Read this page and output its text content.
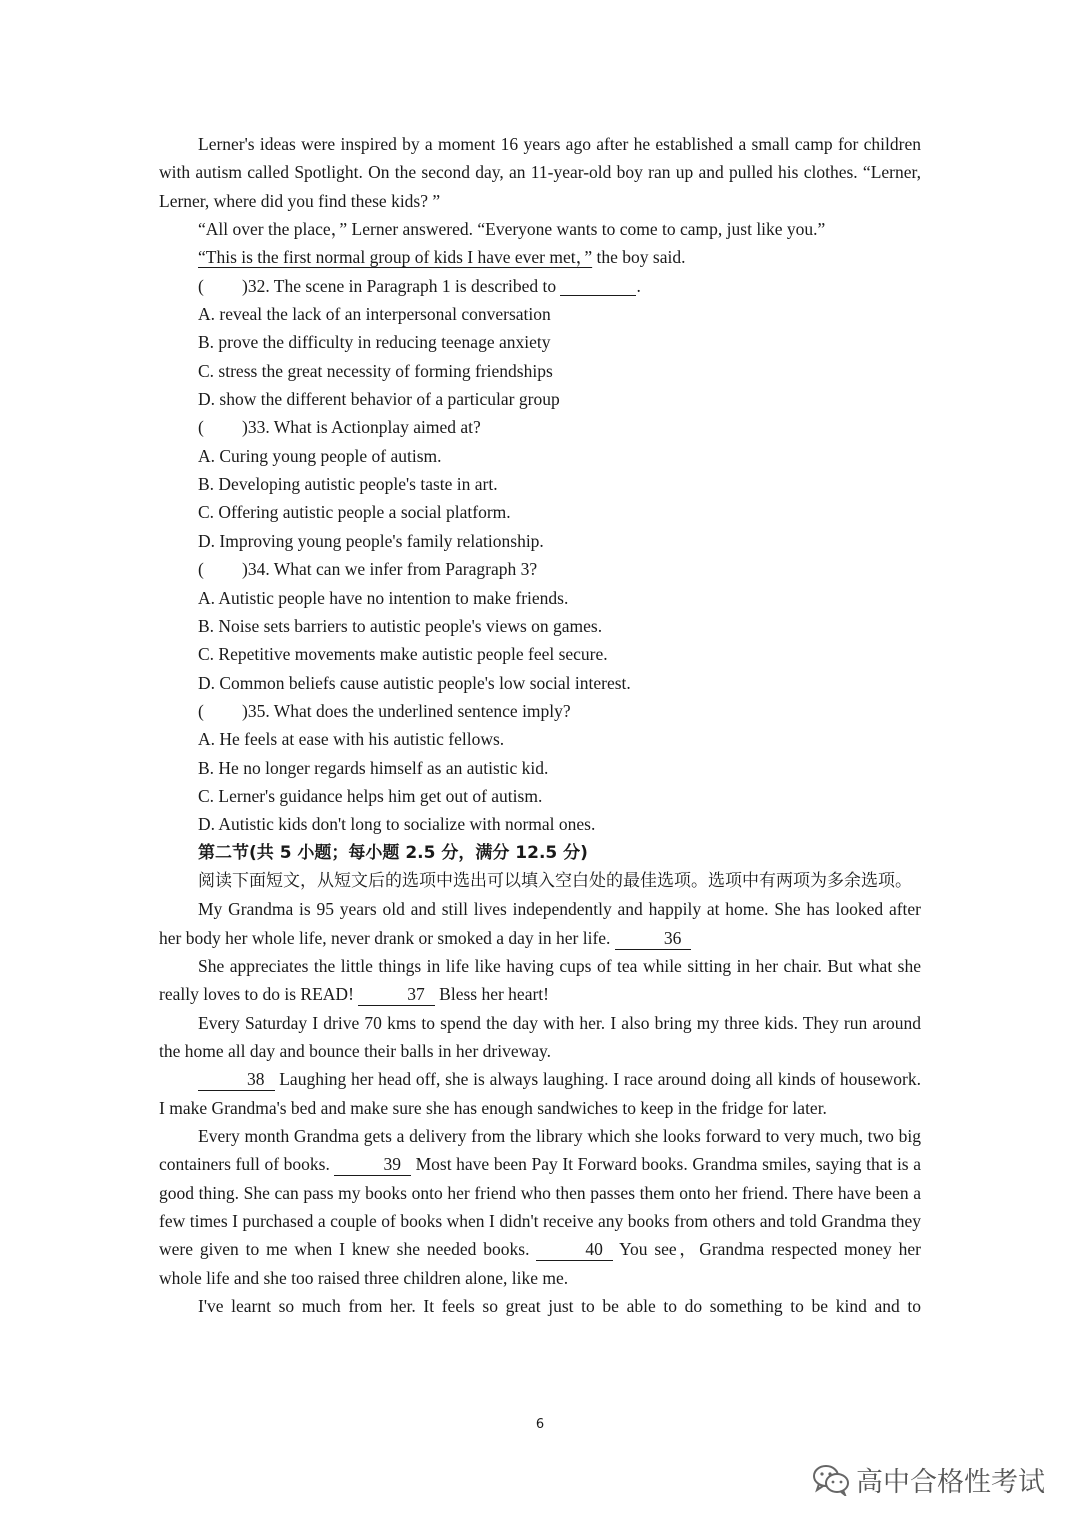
Lerner's ideas were inspired by a moment 16 years ago after he established a small camp for children with autism called Spotlight. On the second day, an 11-year-old boy ran up and pulled his clothes. “Lerner, Lerner, where did you find these kids? ”

“All over the place，” Lerner answered. “Everyone wants to come to camp, just like you.”

“This is the first normal group of kids I have ever met，” the boy said.

( )32. The scene in Paragraph 1 is described to	.

A. reveal the lack of an interpersonal conversation

B. prove the difficulty in reducing teenage anxiety

C. stress the great necessity of forming friendships

D. show the different behavior of a particular group

( )33. What is Actionplay aimed at?

A. Curing young people of autism.

B. Developing autistic people's taste in art.

C. Offering autistic people a social platform.

D. Improving young people's family relationship.

( )34. What can we infer from Paragraph 3?

A. Autistic people have no intention to make friends.

B. Noise sets barriers to autistic people's views on games.

C. Repetitive movements make autistic people feel secure.

D. Common beliefs cause autistic people's low social interest.

( )35. What does the underlined sentence imply?

A. He feels at ease with his autistic fellows.

B. He no longer regards himself as an autistic kid.

C. Lerner's guidance helps him get out of autism.

D. Autistic kids don't long to socialize with normal ones.

第二节(共 5 小题；每小题 2.5 分，满分 12.5 分)

阅读下面短文，从短文后的选项中选出可以填入空白处的最佳选项。选项中有两项为多余选项。

My Grandma is 95 years old and still lives independently and happily at home. She has looked after her body her whole life, never drank or smoked a day in her life.	36

She appreciates the little things in life like having cups of tea while sitting in her chair. But what she really loves to do is READ!	37 Bless her heart!

Every Saturday I drive 70 kms to spend the day with her. I also bring my three kids. They run around the home all day and bounce their balls in her driveway.

38 Laughing her head off, she is always laughing. I race around doing all kinds of housework. I make Grandma's bed and make sure she has enough sandwiches to keep in the fridge for later.

Every month Grandma gets a delivery from the library which she looks forward to very much, two big containers full of books.	39 Most have been Pay It Forward books. Grandma smiles, saying that is a good thing. She can pass my books onto her friend who then passes them onto her friend. There have been a few times I purchased a couple of books when I didn't receive any books from others and told Grandma they were given to me when I knew she needed books.	40 You see，Grandma respected money her whole life and she too raised three children alone, like me.

I've learnt so much from her. It feels so great just to be able to do something to be kind and to

6
高中合格性考试
